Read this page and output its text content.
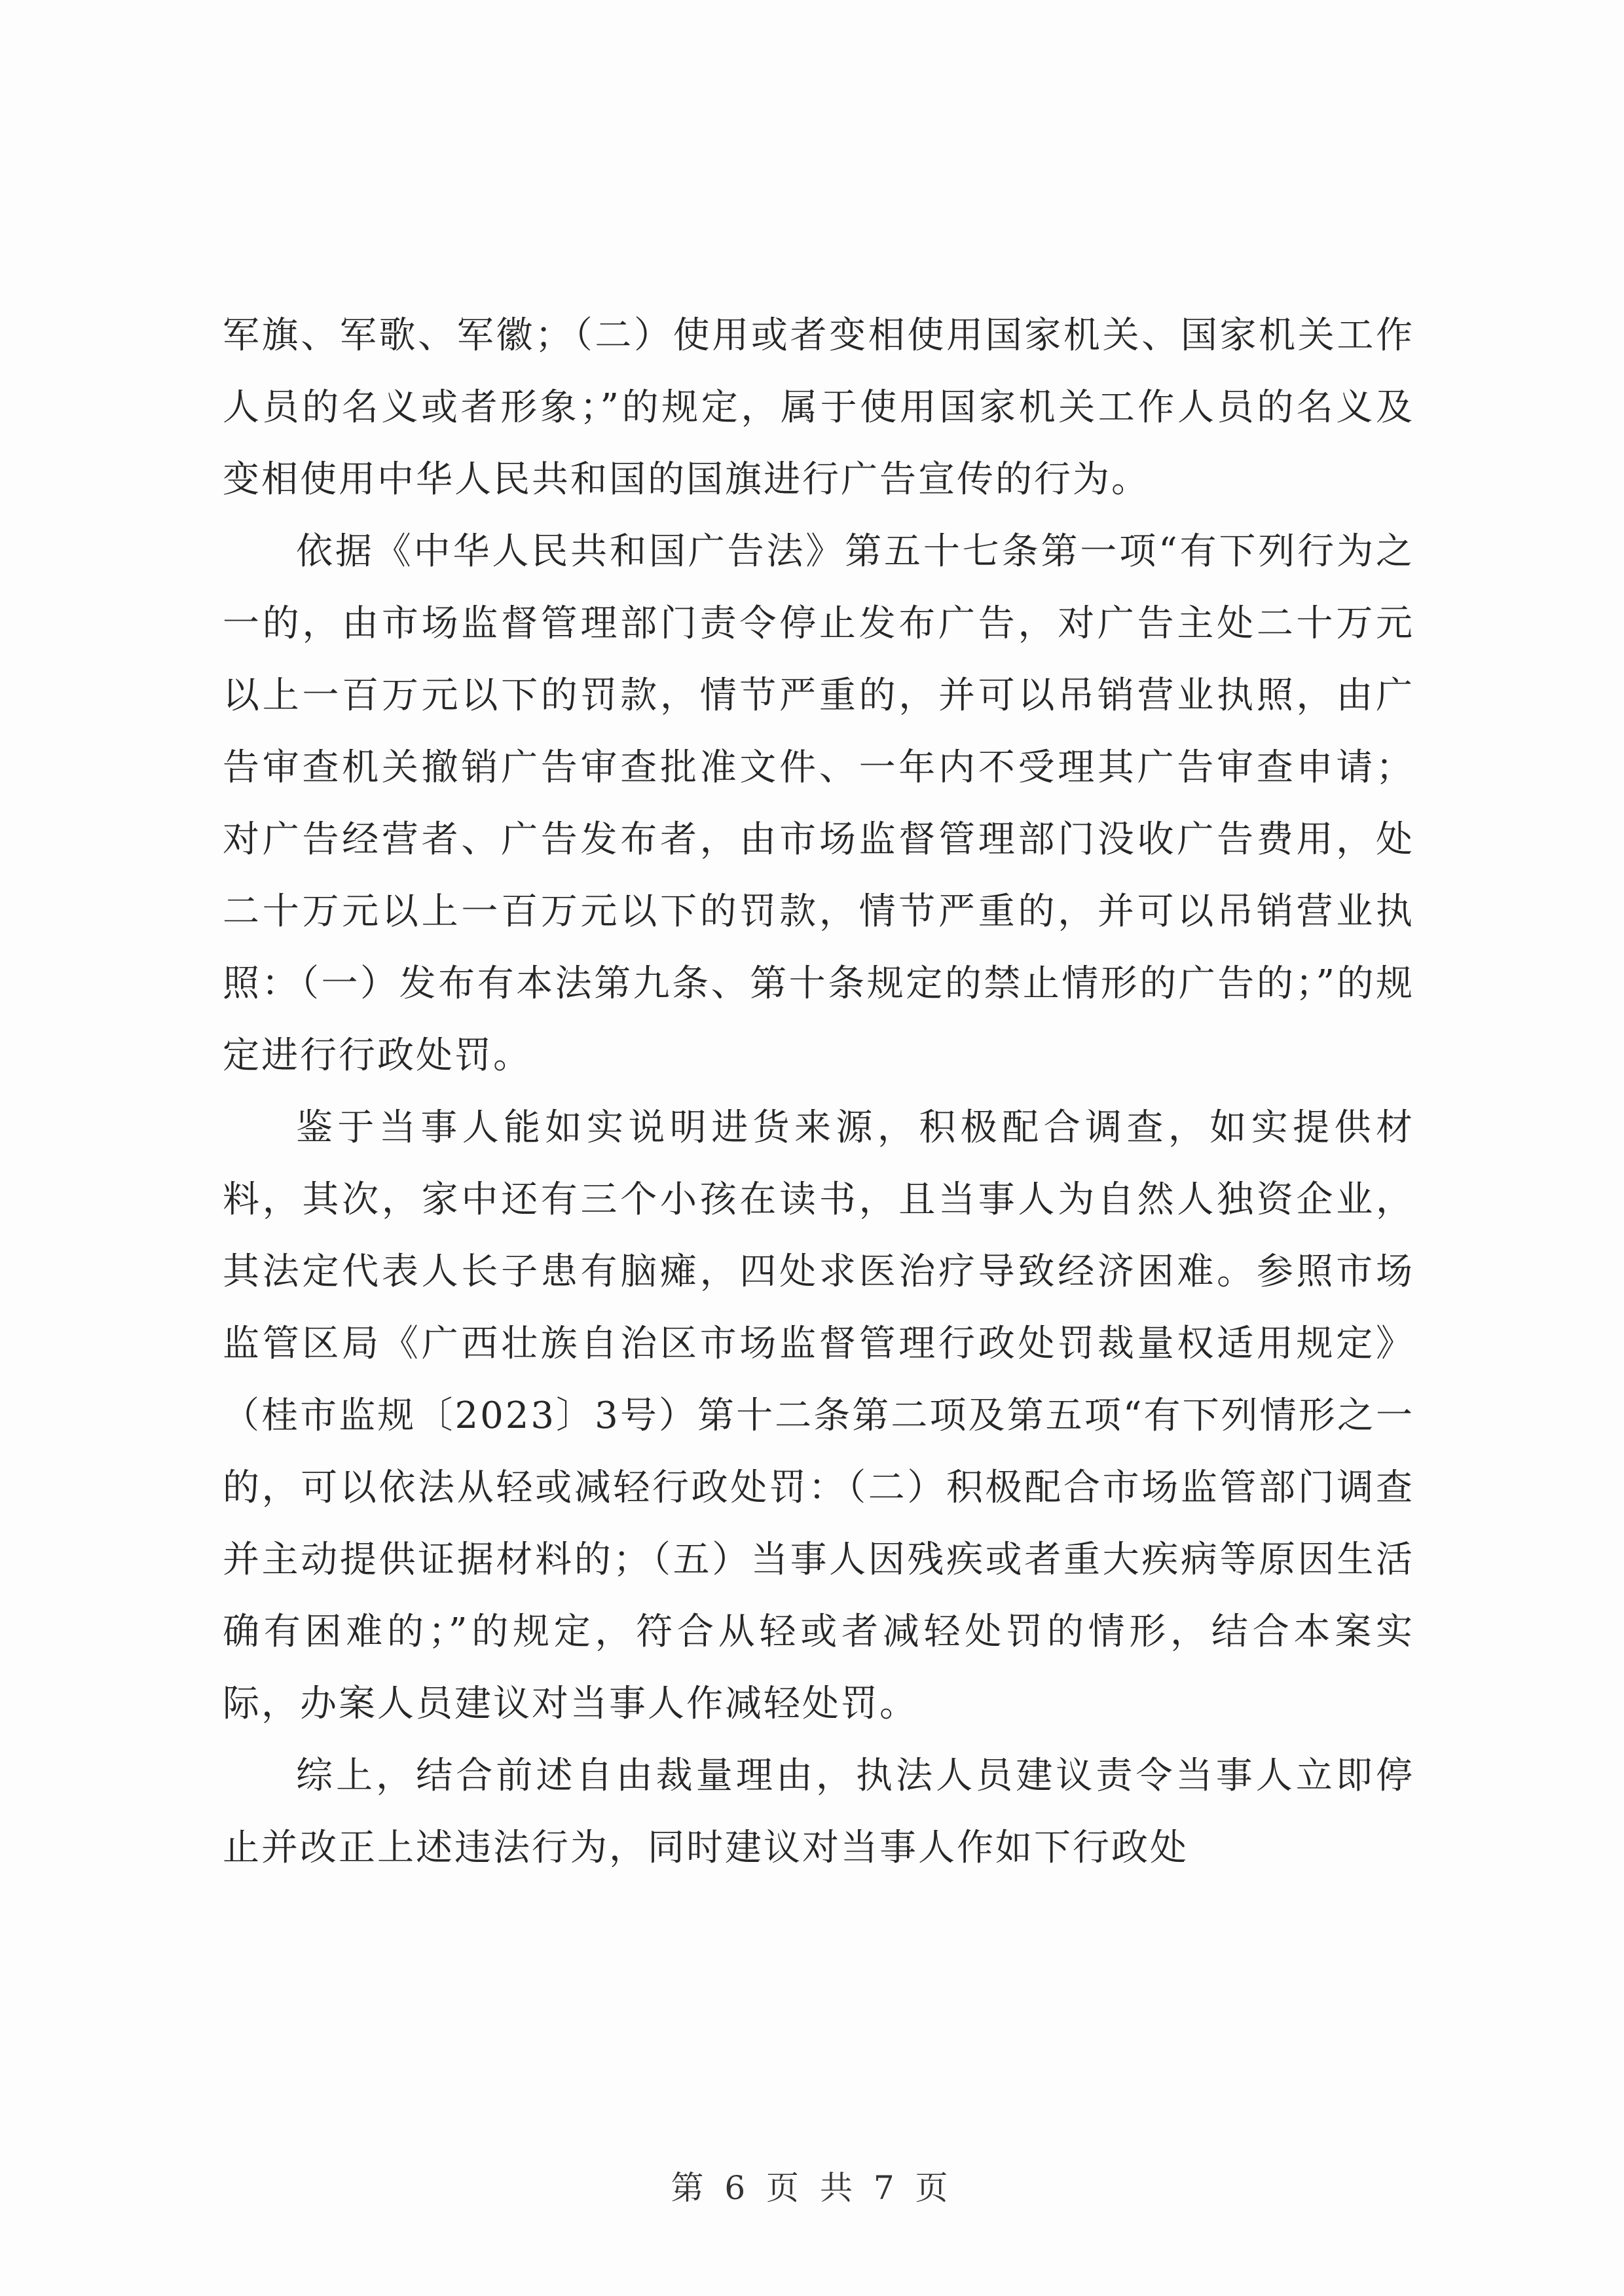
军旗、军歌、军徽；（二）使用或者变相使用国家机关、国家机关工作人员的名义或者形象；”的规定，属于使用国家机关工作人员的名义及变相使用中华人民共和国的国旗进行广告宣传的行为。

依据《中华人民共和国广告法》第五十七条第一项“有下列行为之一的，由市场监督管理部门责令停止发布广告，对广告主处二十万元以上一百万元以下的罚款，情节严重的，并可以吊销营业执照，由广告审查机关撤销广告审查批准文件、一年内不受理其广告审查申请；对广告经营者、广告发布者，由市场监督管理部门没收广告费用，处二十万元以上一百万元以下的罚款，情节严重的，并可以吊销营业执照：（一）发布有本法第九条、第十条规定的禁止情形的广告的；”的规定进行行政处罚。

鉴于当事人能如实说明进货来源，积极配合调查，如实提供材料，其次，家中还有三个小孩在读书，且当事人为自然人独资企业，其法定代表人长子患有脑瘫，四处求医治疗导致经济困难。参照市场监管区局《广西壮族自治区市场监督管理行政处罚裁量权适用规定》（桂市监规〔2023〕3号）第十二条第二项及第五项“有下列情形之一的，可以依法从轻或减轻行政处罚：（二）积极配合市场监管部门调查并主动提供证据材料的；（五）当事人因残疾或者重大疾病等原因生活确有困难的；”的规定，符合从轻或者减轻处罚的情形，结合本案实际，办案人员建议对当事人作减轻处罚。

综上，结合前述自由裁量理由，执法人员建议责令当事人立即停止并改正上述违法行为，同时建议对当事人作如下行政处

第 6 页 共 7 页
